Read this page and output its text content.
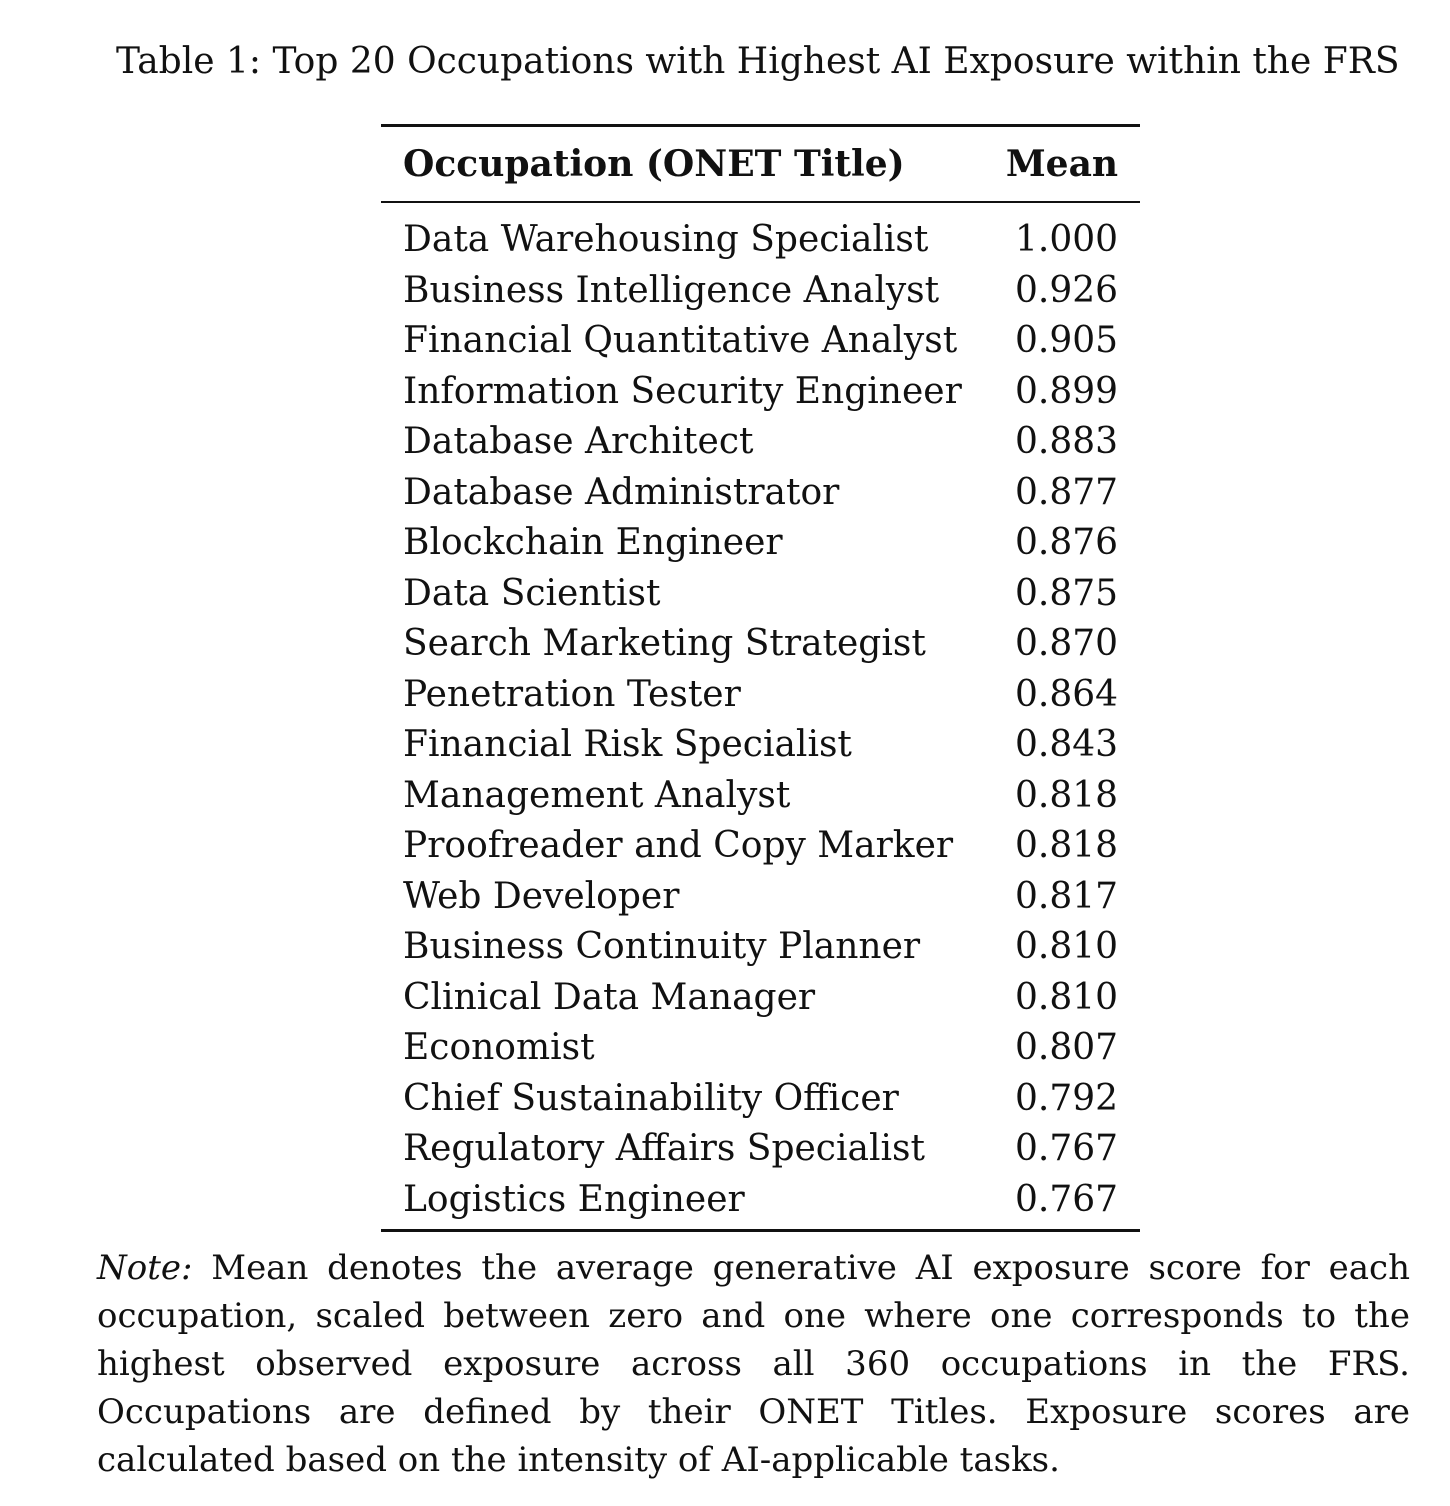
Table 1: Top 20 Occupations with Highest AI Exposure within the FRS
Occupation (ONET Title)	Mean
Data Warehousing Specialist	1.000
Business Intelligence Analyst	0.926
Financial Quantitative Analyst	0.905
Information Security Engineer	0.899
Database Architect	0.883
Database Administrator	0.877
Blockchain Engineer	0.876
Data Scientist	0.875
Search Marketing Strategist	0.870
Penetration Tester	0.864
Financial Risk Specialist	0.843
Management Analyst	0.818
Proofreader and Copy Marker	0.818
Web Developer	0.817
Business Continuity Planner	0.810
Clinical Data Manager	0.810
Economist	0.807
Chief Sustainability Officer	0.792
Regulatory Affairs Specialist	0.767
Logistics Engineer	0.767
Note: Mean denotes the average generative AI exposure score for each occupation, scaled between zero and one where one corresponds to the highest observed exposure across all 360 occupations in the FRS. Occupations are defined by their ONET Titles. Exposure scores are calculated based on the intensity of AI-applicable tasks.
